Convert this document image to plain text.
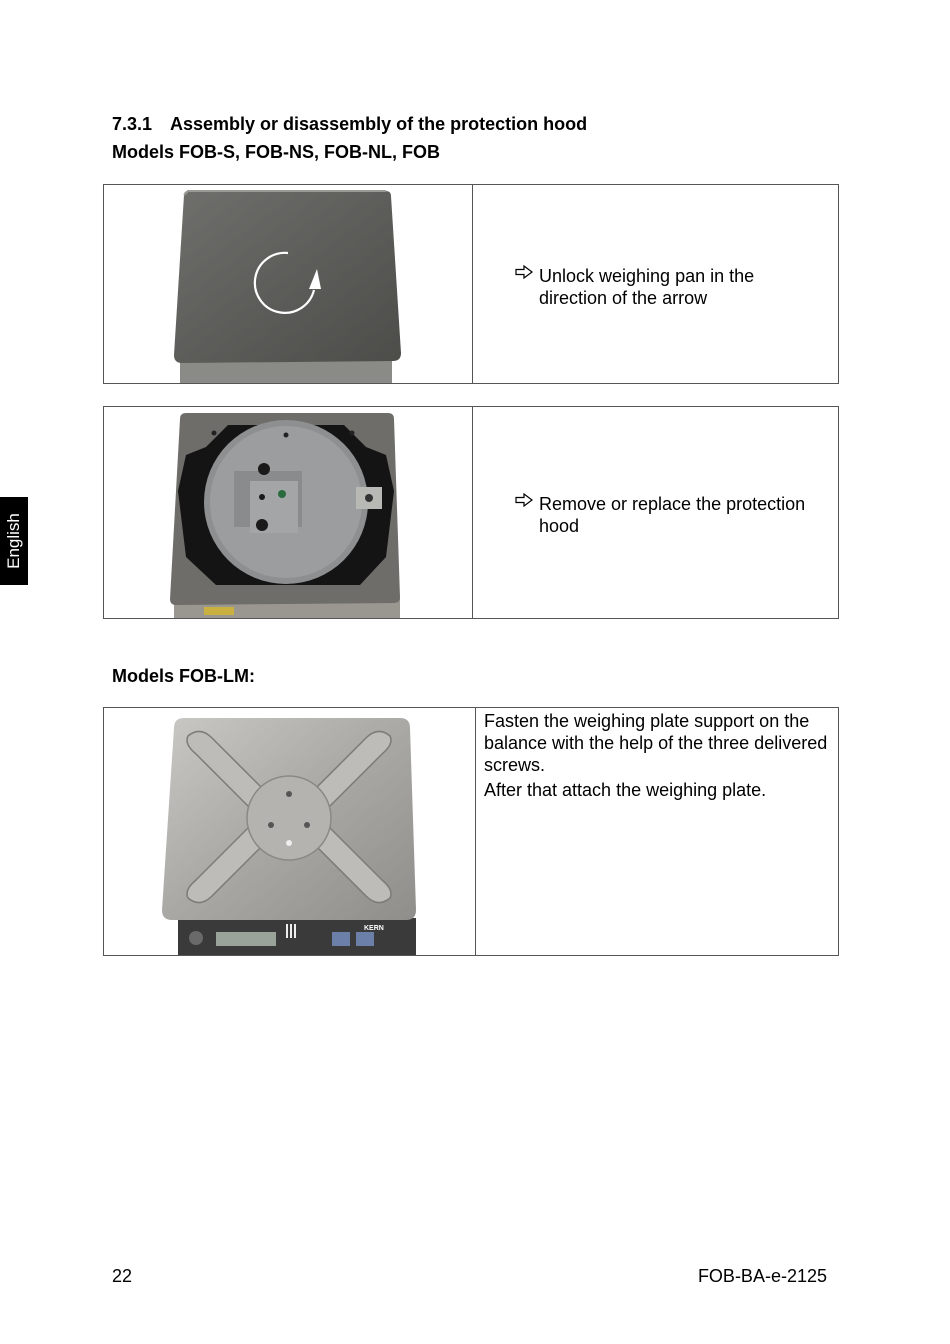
7.3.1 Assembly or disassembly of the protection hood
Models FOB-S, FOB-NS, FOB-NL, FOB
English
Unlock weighing pan in the direction of the arrow
Remove or replace the protection hood
Models FOB-LM:
KERN

Fasten the weighing plate support on the balance with the help of the three delivered screws.

After that attach the weighing plate.

22	FOB-BA-e-2125
